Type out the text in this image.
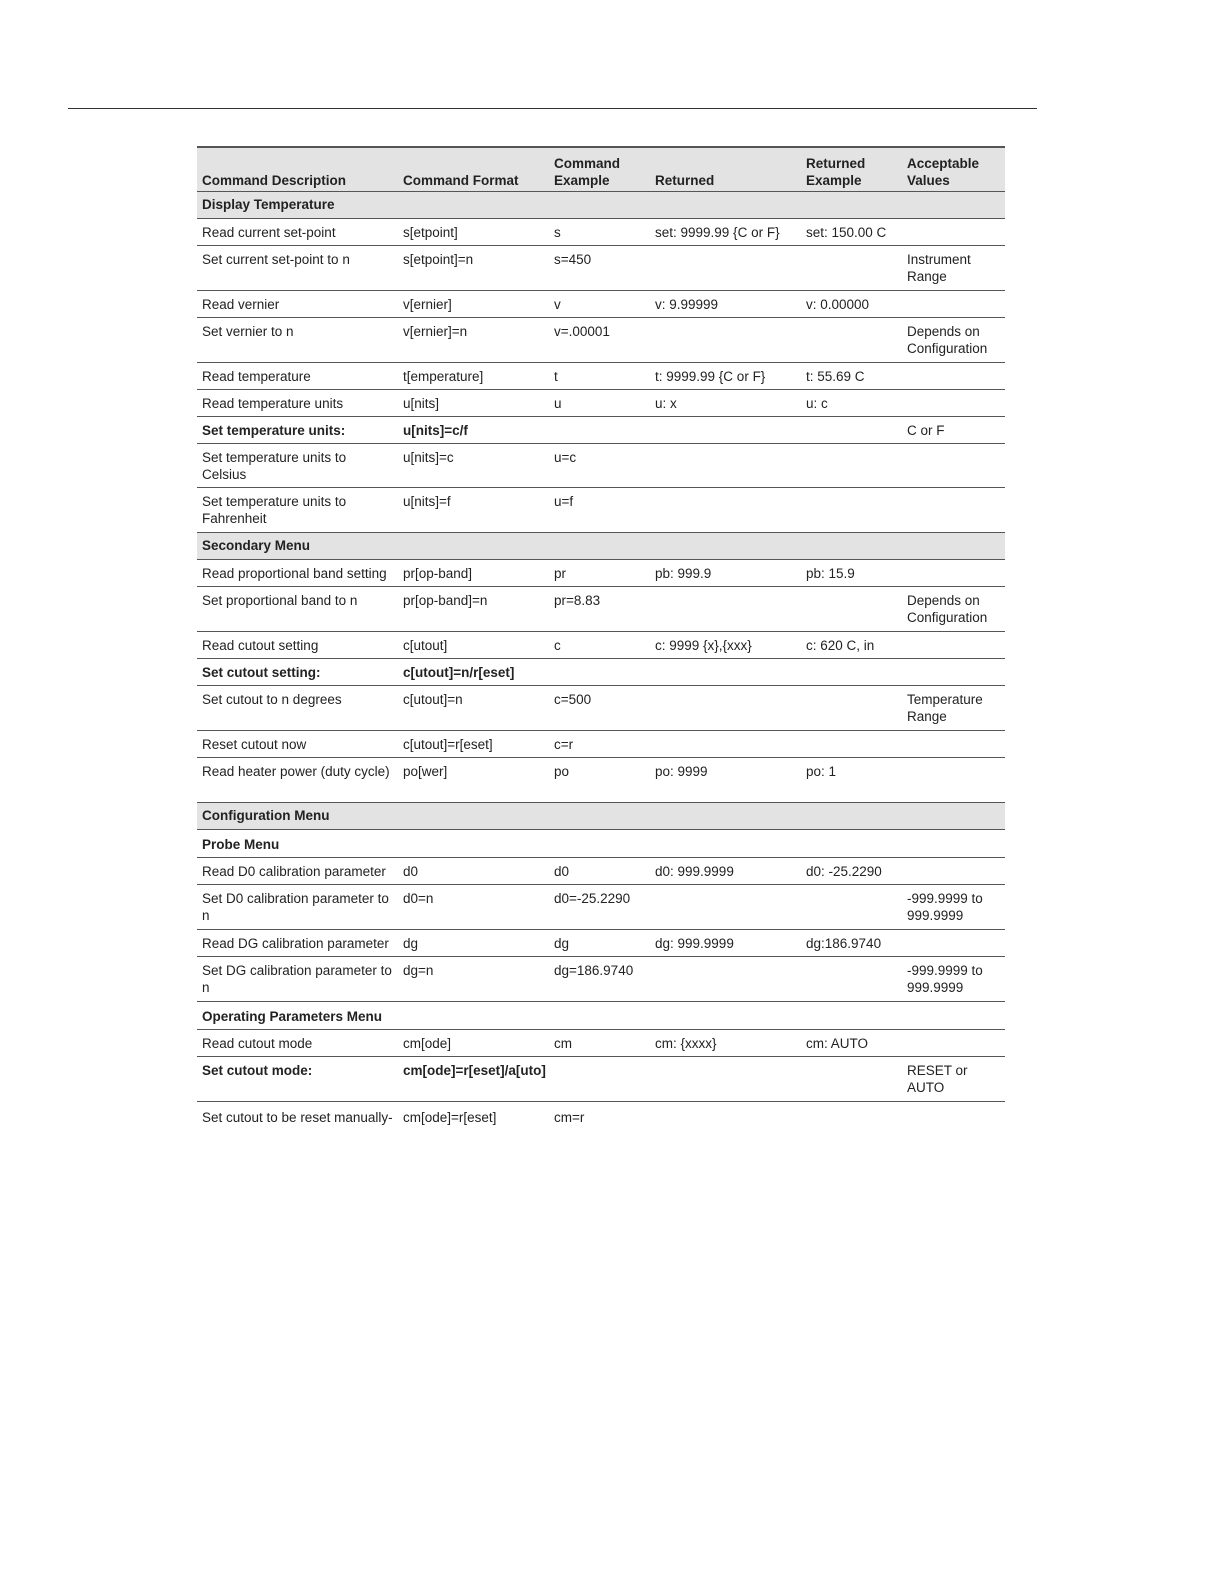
Command Description	Command Format	Command Example	Returned	Returned Example	Acceptable Values
Display Temperature					
Read current set-point	s[etpoint]	s	set: 9999.99 {C or F}	set: 150.00 C	
Set current set-point to n	s[etpoint]=n	s=450			Instrument Range
Read vernier	v[ernier]	v	v: 9.99999	v: 0.00000	
Set vernier to n	v[ernier]=n	v=.00001			Depends on Configuration
Read temperature	t[emperature]	t	t: 9999.99 {C or F}	t: 55.69 C	
Read temperature units	u[nits]	u	u: x	u: c	
Set temperature units:	u[nits]=c/f				C or F
Set temperature units to Celsius	u[nits]=c	u=c			
Set temperature units to Fahrenheit	u[nits]=f	u=f			
Secondary Menu					
Read proportional band setting	pr[op-band]	pr	pb: 999.9	pb: 15.9	
Set proportional band to n	pr[op-band]=n	pr=8.83			Depends on Configuration
Read cutout setting	c[utout]	c	c: 9999 {x},{xxx}	c: 620 C, in	
Set cutout setting:	c[utout]=n/r[eset]				
Set cutout to n degrees	c[utout]=n	c=500			Temperature Range
Reset cutout now	c[utout]=r[eset]	c=r			
Read heater power (duty cycle)	po[wer]	po	po: 9999	po: 1	
Configuration Menu					
Probe Menu					
Read D0 calibration parameter	d0	d0	d0: 999.9999	d0: -25.2290	
Set D0 calibration parameter to n	d0=n	d0=-25.2290			-999.9999 to 999.9999
Read DG calibration parameter	dg	dg	dg: 999.9999	dg:186.9740	
Set DG calibration parameter to n	dg=n	dg=186.9740			-999.9999 to 999.9999
Operating Parameters Menu					
Read cutout mode	cm[ode]	cm	cm: {xxxx}	cm: AUTO	
Set cutout mode:	cm[ode]=r[eset]/a[uto]				RESET or AUTO
Set cutout to be reset manually-	cm[ode]=r[eset]	cm=r			
